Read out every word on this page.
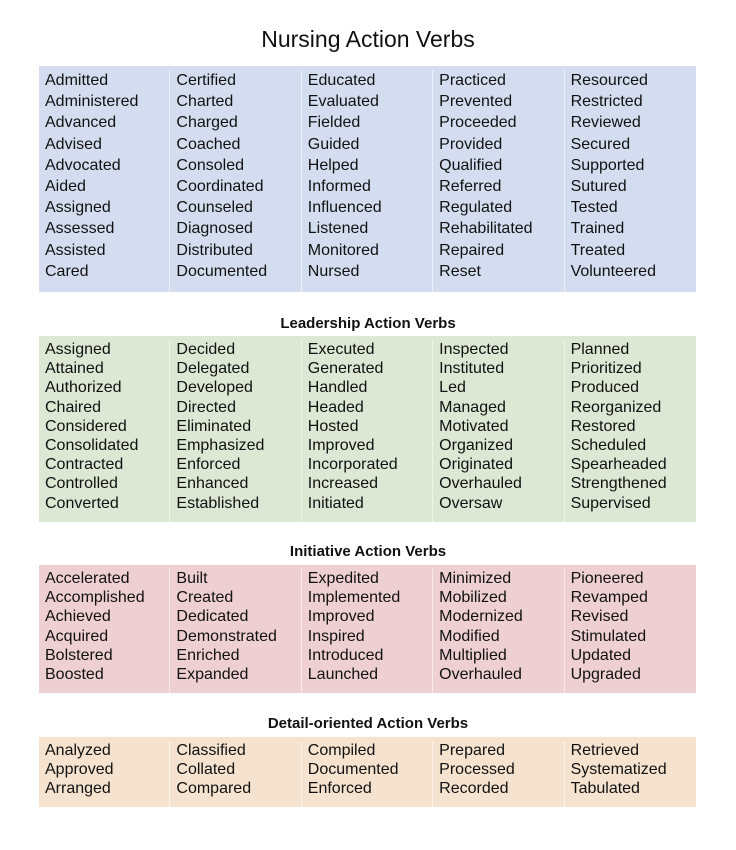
Nursing Action Verbs
Admitted
Administered
Advanced
Advised
Advocated
Aided
Assigned
Assessed
Assisted
Cared
Certified
Charted
Charged
Coached
Consoled
Coordinated
Counseled
Diagnosed
Distributed
Documented
Educated
Evaluated
Fielded
Guided
Helped
Informed
Influenced
Listened
Monitored
Nursed
Practiced
Prevented
Proceeded
Provided
Qualified
Referred
Regulated
Rehabilitated
Repaired
Reset
Resourced
Restricted
Reviewed
Secured
Supported
Sutured
Tested
Trained
Treated
Volunteered
Leadership Action Verbs
Assigned
Attained
Authorized
Chaired
Considered
Consolidated
Contracted
Controlled
Converted
Decided
Delegated
Developed
Directed
Eliminated
Emphasized
Enforced
Enhanced
Established
Executed
Generated
Handled
Headed
Hosted
Improved
Incorporated
Increased
Initiated
Inspected
Instituted
Led
Managed
Motivated
Organized
Originated
Overhauled
Oversaw
Planned
Prioritized
Produced
Reorganized
Restored
Scheduled
Spearheaded
Strengthened
Supervised
Initiative Action Verbs
Accelerated
Accomplished
Achieved
Acquired
Bolstered
Boosted
Built
Created
Dedicated
Demonstrated
Enriched
Expanded
Expedited
Implemented
Improved
Inspired
Introduced
Launched
Minimized
Mobilized
Modernized
Modified
Multiplied
Overhauled
Pioneered
Revamped
Revised
Stimulated
Updated
Upgraded
Detail-oriented Action Verbs
Analyzed
Approved
Arranged
Classified
Collated
Compared
Compiled
Documented
Enforced
Prepared
Processed
Recorded
Retrieved
Systematized
Tabulated
